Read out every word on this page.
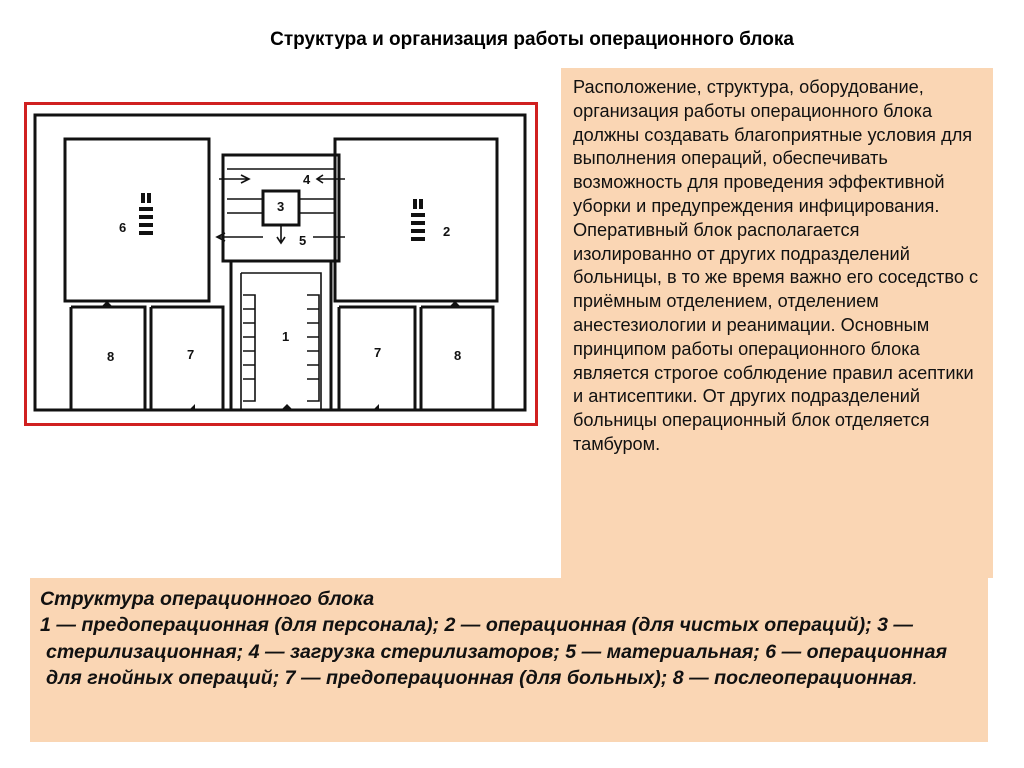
Структура и организация работы операционного блока
6	2
3
4
5
1
8	7	7	8
Расположение, структура, оборудование, организация работы операционного блока должны создавать благоприятные условия для выполнения операций, обеспечивать возможность для проведения эффективной уборки и предупреждения инфицирования. Оперативный блок располагается изолированно от других подразделений больницы, в то же время важно его соседство с приёмным отделением, отделением анестезиологии и реанимации. Основным принципом работы операционного блока является строгое соблюдение правил асептики и антисептики. От других подразделений больницы операционный блок отделяется тамбуром.
Структура операционного блока
1 — предоперационная (для персонала); 2 — операционная (для чистых операций); 3 — стерилизационная; 4 — загрузка стерилизаторов; 5 — материальная; 6 — операционная для гнойных операций; 7 — предоперационная (для больных); 8 — послеоперационная.
